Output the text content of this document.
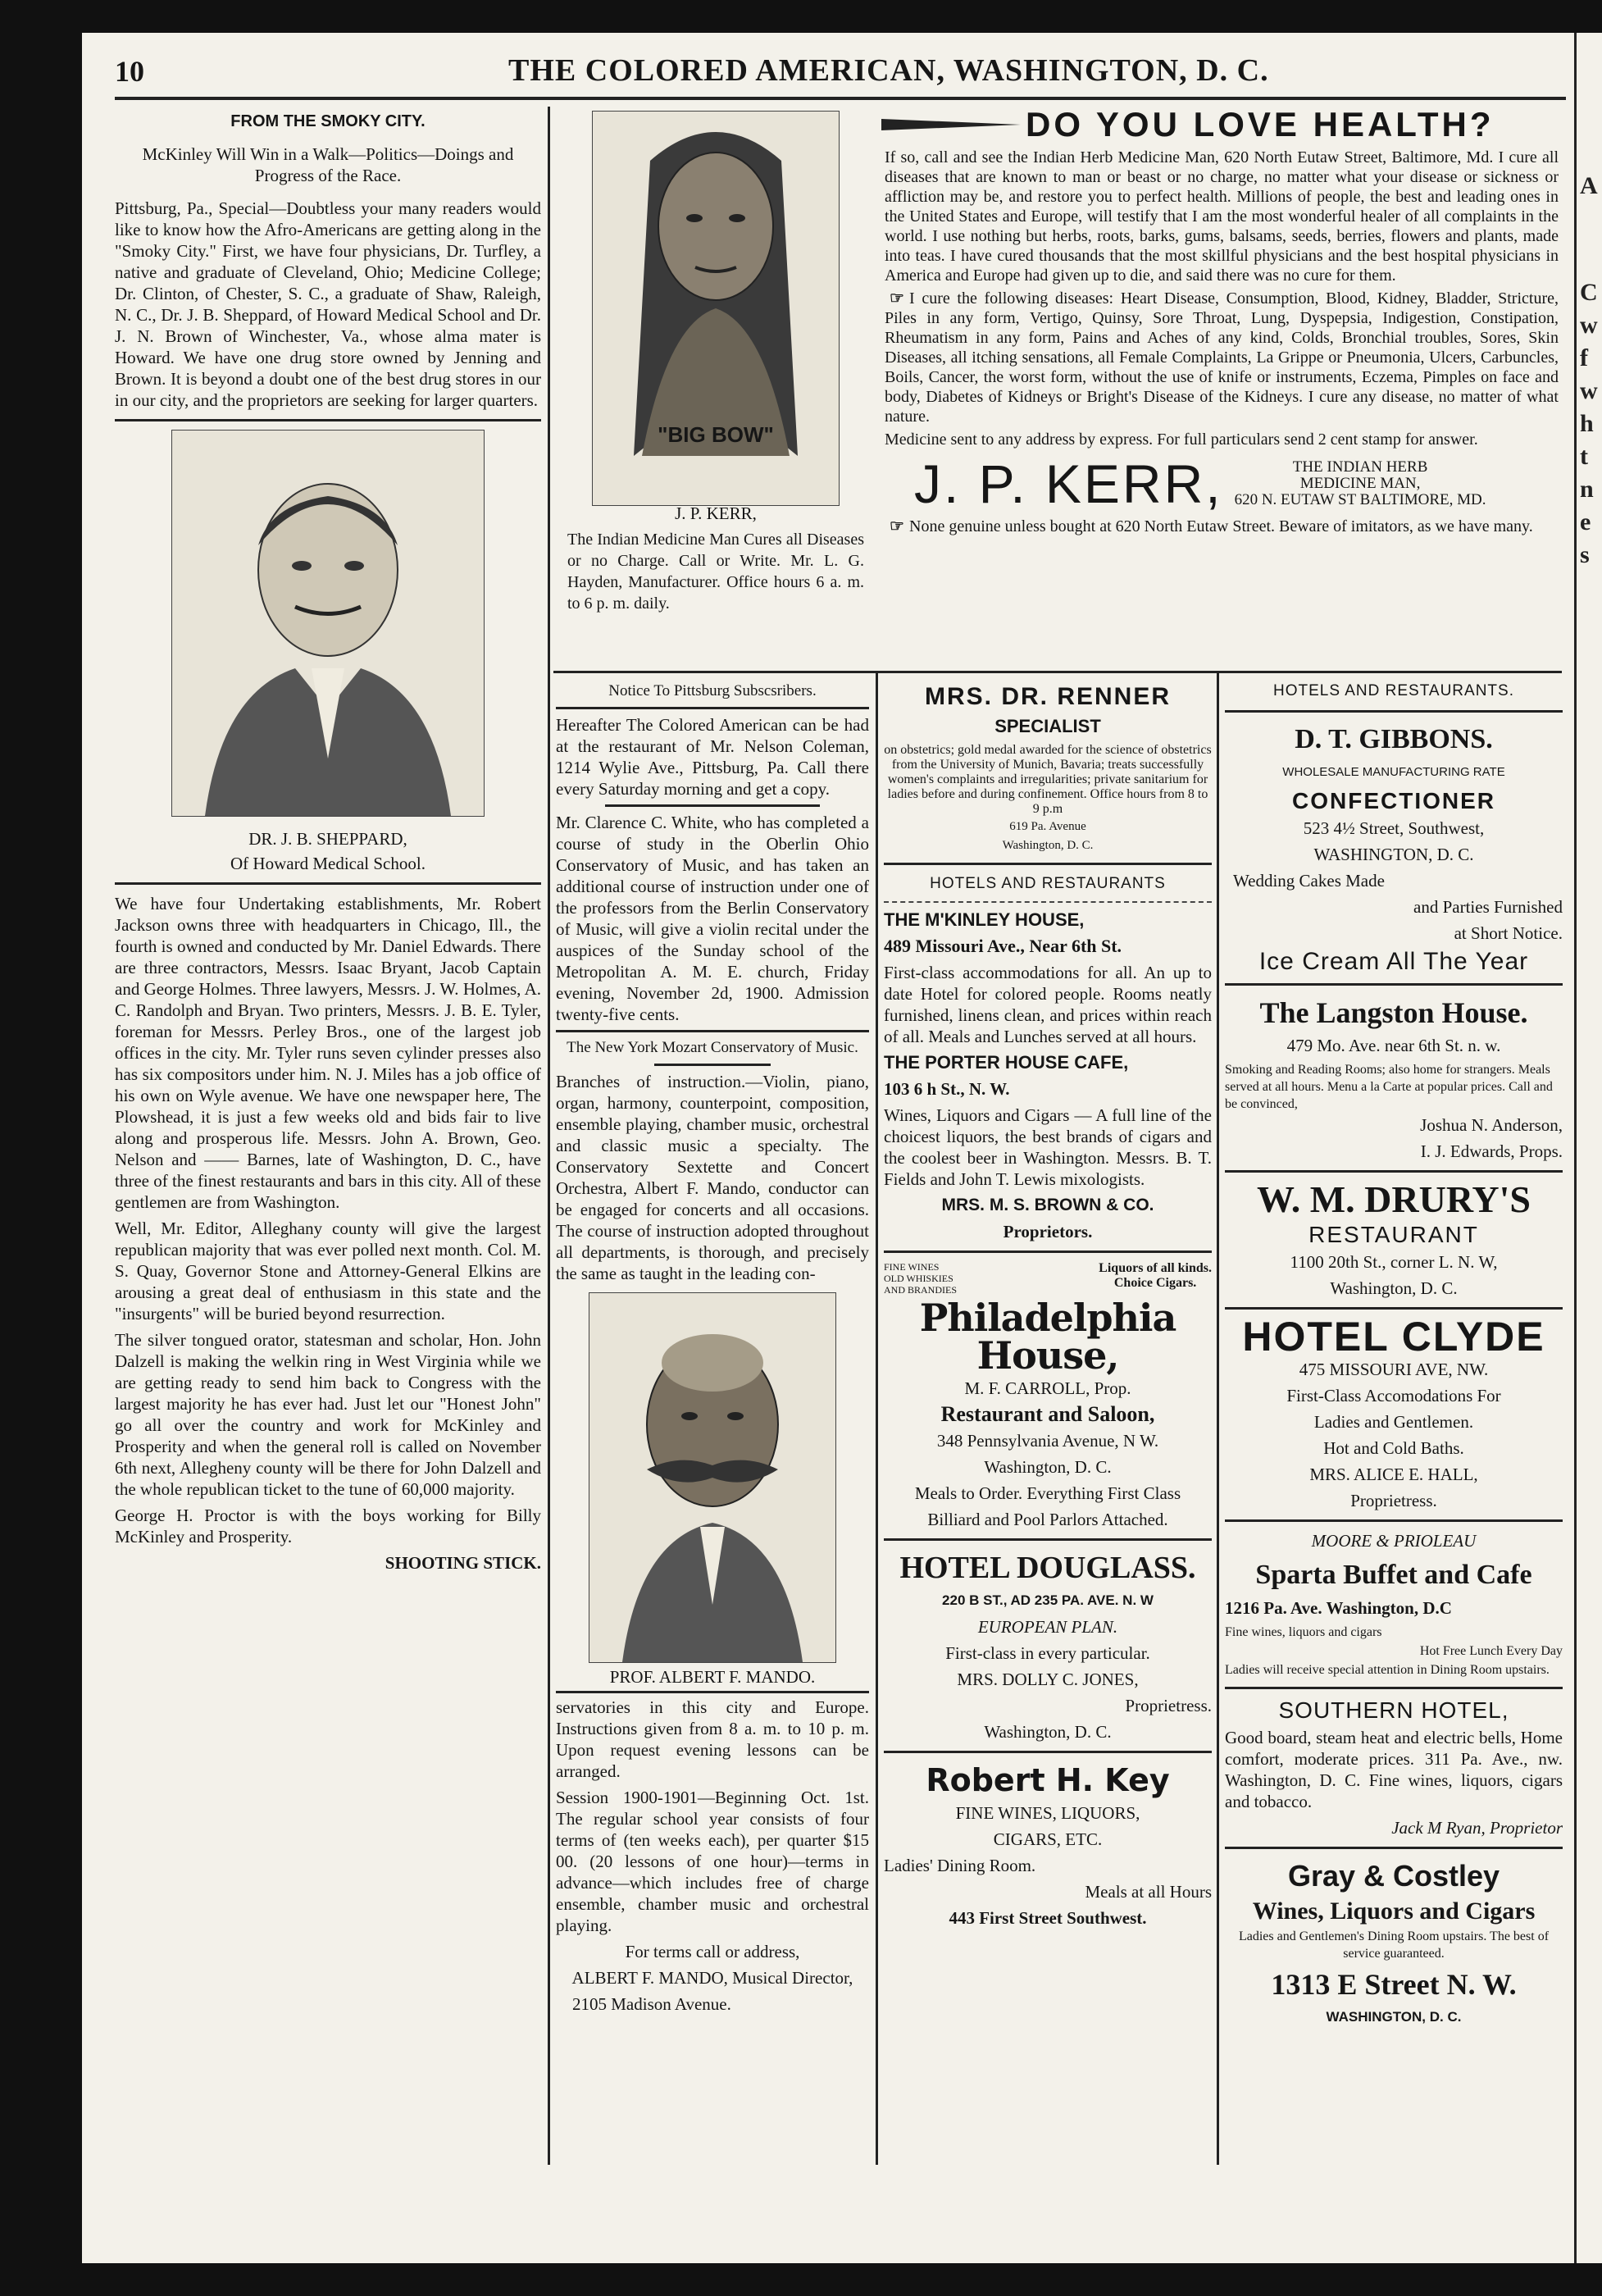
10	THE COLORED AMERICAN, WASHINGTON, D. C.

FROM THE SMOKY CITY.

McKinley Will Win in a Walk—Politics—Doings and Progress of the Race.

Pittsburg, Pa., Special—Doubtless your many readers would like to know how the Afro-Americans are getting along in the "Smoky City." First, we have four physicians, Dr. Turfley, a native and graduate of Cleveland, Ohio; Medicine College; Dr. Clinton, of Chester, S. C., a graduate of Shaw, Raleigh, N. C., Dr. J. B. Sheppard, of Howard Medical School and Dr. J. N. Brown of Winchester, Va., whose alma mater is Howard. We have one drug store owned by Jenning and Brown. It is beyond a doubt one of the best drug stores in our in our city, and the proprietors are seeking for larger quarters.

DR. J. B. SHEPPARD,

Of Howard Medical School.

We have four Undertaking establishments, Mr. Robert Jackson owns three with headquarters in Chicago, Ill., the fourth is owned and conducted by Mr. Daniel Edwards. There are three contractors, Messrs. Isaac Bryant, Jacob Captain and George Holmes. Three lawyers, Messrs. J. W. Holmes, A. C. Randolph and Bryan. Two printers, Messrs. J. B. E. Tyler, foreman for Messrs. Perley Bros., one of the largest job offices in the city. Mr. Tyler runs seven cylinder presses also has six compositors under him. N. J. Miles has a job office of his own on Wyle avenue. We have one newspaper here, The Plowshead, it is just a few weeks old and bids fair to live along and prosperous life. Messrs. John A. Brown, Geo. Nelson and —— Barnes, late of Washington, D. C., have three of the finest restaurants and bars in this city. All of these gentlemen are from Washington.

Well, Mr. Editor, Alleghany county will give the largest republican majority that was ever polled next month. Col. M. S. Quay, Governor Stone and Attorney-General Elkins are arousing a great deal of enthusiasm in this state and the "insurgents" will be buried beyond resurrection.

The silver tongued orator, statesman and scholar, Hon. John Dalzell is making the welkin ring in West Virginia while we are getting ready to send him back to Congress with the largest majority he has ever had. Just let our "Honest John" go all over the country and work for McKinley and Prosperity and when the general roll is called on November 6th next, Allegheny county will be there for John Dalzell and the whole republican ticket to the tune of 60,000 majority.

George H. Proctor is with the boys working for Billy McKinley and Prosperity.

SHOOTING STICK.

"BIG BOW"

J. P. KERR,

The Indian Medicine Man Cures all Diseases or no Charge. Call or Write. Mr. L. G. Hayden, Manufacturer. Office hours 6 a. m. to 6 p. m. daily.

DO YOU LOVE HEALTH?

If so, call and see the Indian Herb Medicine Man, 620 North Eutaw Street, Baltimore, Md. I cure all diseases that are known to man or beast or no charge, no matter what your disease or sickness or affliction may be, and restore you to perfect health. Millions of people, the best and leading ones in the United States and Europe, will testify that I am the most wonderful healer of all complaints in the world. I use nothing but herbs, roots, barks, gums, balsams, seeds, berries, flowers and plants, made into teas. I have cured thousands that the most skillful physicians and the best hospital physicians in America and Europe had given up to die, and said there was no cure for them.

☞ I cure the following diseases: Heart Disease, Consumption, Blood, Kidney, Bladder, Stricture, Piles in any form, Vertigo, Quinsy, Sore Throat, Lung, Dyspepsia, Indigestion, Constipation, Rheumatism in any form, Pains and Aches of any kind, Colds, Bronchial troubles, Sores, Skin Diseases, all itching sensations, all Female Complaints, La Grippe or Pneumonia, Ulcers, Carbuncles, Boils, Cancer, the worst form, without the use of knife or instruments, Eczema, Pimples on face and body, Diabetes of Kidneys or Bright's Disease of the Kidneys. I cure any disease, no matter of what nature.

Medicine sent to any address by express. For full particulars send 2 cent stamp for answer.

J. P. KERR,	THE INDIAN HERB
MEDICINE MAN,
620 N. EUTAW ST BALTIMORE, MD.

☞ None genuine unless bought at 620 North Eutaw Street. Beware of imitators, as we have many.

Notice To Pittsburg Subscsribers.

Hereafter The Colored American can be had at the restaurant of Mr. Nelson Coleman, 1214 Wylie Ave., Pittsburg, Pa. Call there every Saturday morning and get a copy.

Mr. Clarence C. White, who has completed a course of study in the Oberlin Ohio Conservatory of Music, and has taken an additional course of instruction under one of the professors from the Berlin Conservatory of Music, will give a violin recital under the auspices of the Sunday school of the Metropolitan A. M. E. church, Friday evening, November 2d, 1900. Admission twenty-five cents.

The New York Mozart Conservatory of Music.

Branches of instruction.—Violin, piano, organ, harmony, counterpoint, composition, ensemble playing, chamber music, orchestral and classic music a specialty. The Conservatory Sextette and Concert Orchestra, Albert F. Mando, conductor can be engaged for concerts and all occasions. The course of instruction adopted throughout all departments, is thorough, and precisely the same as taught in the leading con-

PROF. ALBERT F. MANDO.

servatories in this city and Europe. Instructions given from 8 a. m. to 10 p. m. Upon request evening lessons can be arranged.

Session 1900-1901—Beginning Oct. 1st. The regular school year consists of four terms of (ten weeks each), per quarter $15 00. (20 lessons of one hour)—terms in advance—which includes free of charge ensemble, chamber music and orchestral playing.

For terms call or address,

ALBERT F. MANDO, Musical Director,

2105 Madison Avenue.

MRS. DR. RENNER

SPECIALIST

on obstetrics; gold medal awarded for the science of obstetrics from the University of Munich, Bavaria; treats successfully women's complaints and irregularities; private sanitarium for ladies before and during confinement. Office hours from 8 to 9 p.m

619 Pa. Avenue

Washington, D. C.

HOTELS AND RESTAURANTS

THE M'KINLEY HOUSE,

489 Missouri Ave., Near 6th St.

First-class accommodations for all. An up to date Hotel for colored people. Rooms neatly furnished, linens clean, and prices within reach of all. Meals and Lunches served at all hours.

THE PORTER HOUSE CAFE,

103 6 h St., N. W.

Wines, Liquors and Cigars — A full line of the choicest liquors, the best brands of cigars and the coolest beer in Washington. Messrs. B. T. Fields and John T. Lewis mixologists.

MRS. M. S. BROWN & CO.

Proprietors.

FINE WINES
OLD WHISKIES
AND BRANDIES
Liquors of all kinds.
Choice Cigars.

Philadelphia House,

M. F. CARROLL, Prop.

Restaurant and Saloon,

348 Pennsylvania Avenue, N W.

Washington, D. C.

Meals to Order. Everything First Class

Billiard and Pool Parlors Attached.

HOTEL DOUGLASS.

220 B ST., AD 235 PA. AVE. N. W

EUROPEAN PLAN.

First-class in every particular.

MRS. DOLLY C. JONES,

Proprietress.

Washington, D. C.

Robert H. Key

FINE WINES, LIQUORS,

CIGARS, ETC.

Ladies' Dining Room.

Meals at all Hours

443 First Street Southwest.

HOTELS AND RESTAURANTS.

D. T. GIBBONS.

WHOLESALE MANUFACTURING RATE

CONFECTIONER

523 4½ Street, Southwest,

WASHINGTON, D. C.

Wedding Cakes Made

and Parties Furnished

at Short Notice.

Ice Cream All The Year

The Langston House.

479 Mo. Ave. near 6th St. n. w.

Smoking and Reading Rooms; also home for strangers. Meals served at all hours. Menu a la Carte at popular prices. Call and be convinced,

Joshua N. Anderson,

I. J. Edwards, Props.

W. M. DRURY'S

RESTAURANT

1100 20th St., corner L. N. W,

Washington, D. C.

HOTEL CLYDE

475 MISSOURI AVE, NW.

First-Class Accomodations For

Ladies and Gentlemen.

Hot and Cold Baths.

MRS. ALICE E. HALL,

Proprietress.

MOORE & PRIOLEAU

Sparta Buffet and Cafe

1216 Pa. Ave. Washington, D.C

Fine wines, liquors and cigars

Hot Free Lunch Every Day

Ladies will receive special attention in Dining Room upstairs.

SOUTHERN HOTEL,

Good board, steam heat and electric bells, Home comfort, moderate prices. 311 Pa. Ave., nw. Washington, D. C. Fine wines, liquors, cigars and tobacco.

Jack M Ryan, Proprietor

Gray & Costley

Wines, Liquors and Cigars

Ladies and Gentlemen's Dining Room upstairs. The best of service guaranteed.

1313 E Street N. W.

WASHINGTON, D. C.

A
C
w
f
w
h
t
n
e
s
